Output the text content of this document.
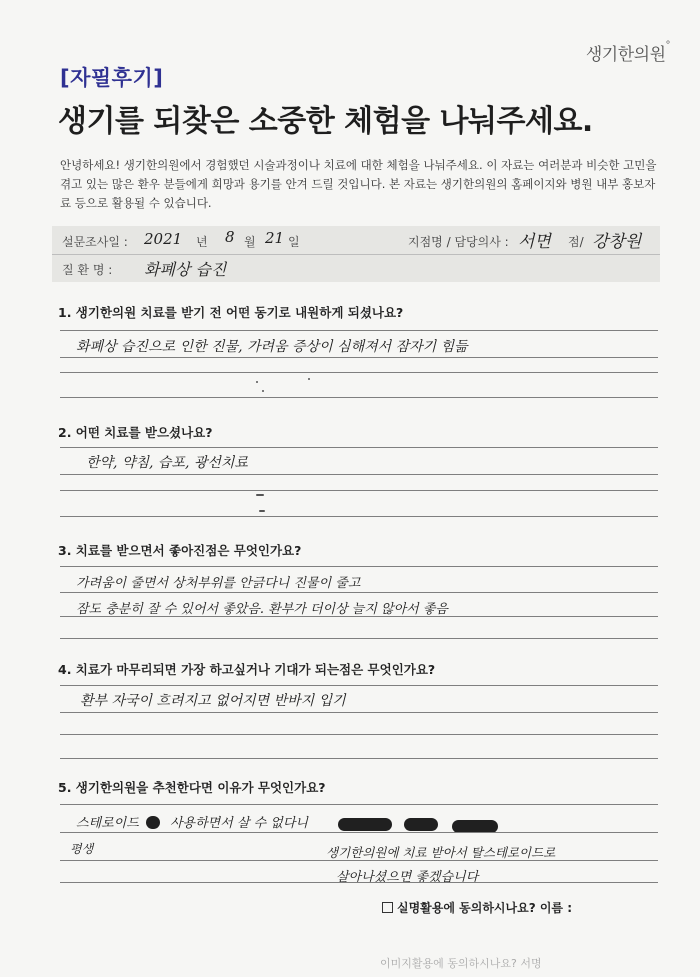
생기한의원°
[자필후기]
생기를 되찾은 소중한 체험을 나눠주세요.
안녕하세요! 생기한의원에서 경험했던 시술과정이나 치료에 대한 체험을 나눠주세요. 이 자료는 여러분과 비슷한 고민을 겪고 있는 많은 환우 분들에게 희망과 용기를 안겨 드릴 것입니다. 본 자료는 생기한의원의 홈페이지와 병원 내부 홍보자료 등으로 활용될 수 있습니다.
설문조사일 : 2021 년 8 월 21 일	지점명 / 담당의사 : 서면 점/ 강창원
질 환 명 : 화폐상 습진
1. 생기한의원 치료를 받기 전 어떤 동기로 내원하게 되셨나요?
화폐상 습진으로 인한 진물, 가려움 증상이 심해져서 잠자기 힘듦
2. 어떤 치료를 받으셨나요?
한약, 약침, 습포, 광선치료
3. 치료를 받으면서 좋아진점은 무엇인가요?
가려움이 줄면서 상처부위를 안긁다니 진물이 줄고
잠도 충분히 잘 수 있어서 좋았음. 환부가 더이상 늘지 않아서 좋음
4. 치료가 마무리되면 가장 하고싶거나 기대가 되는점은 무엇인가요?
환부 자국이 흐려지고 없어지면 반바지 입기
5. 생기한의원을 추천한다면 이유가 무엇인가요?
스테로이드 사용하면서 살 수 없다니
평생	생기한의원에 치료 받아서 탈스테로이드로
살아나셨으면 좋겠습니다
실명활용에 동의하시나요? 이름 :
이미지활용에 동의하시나요? 서명
